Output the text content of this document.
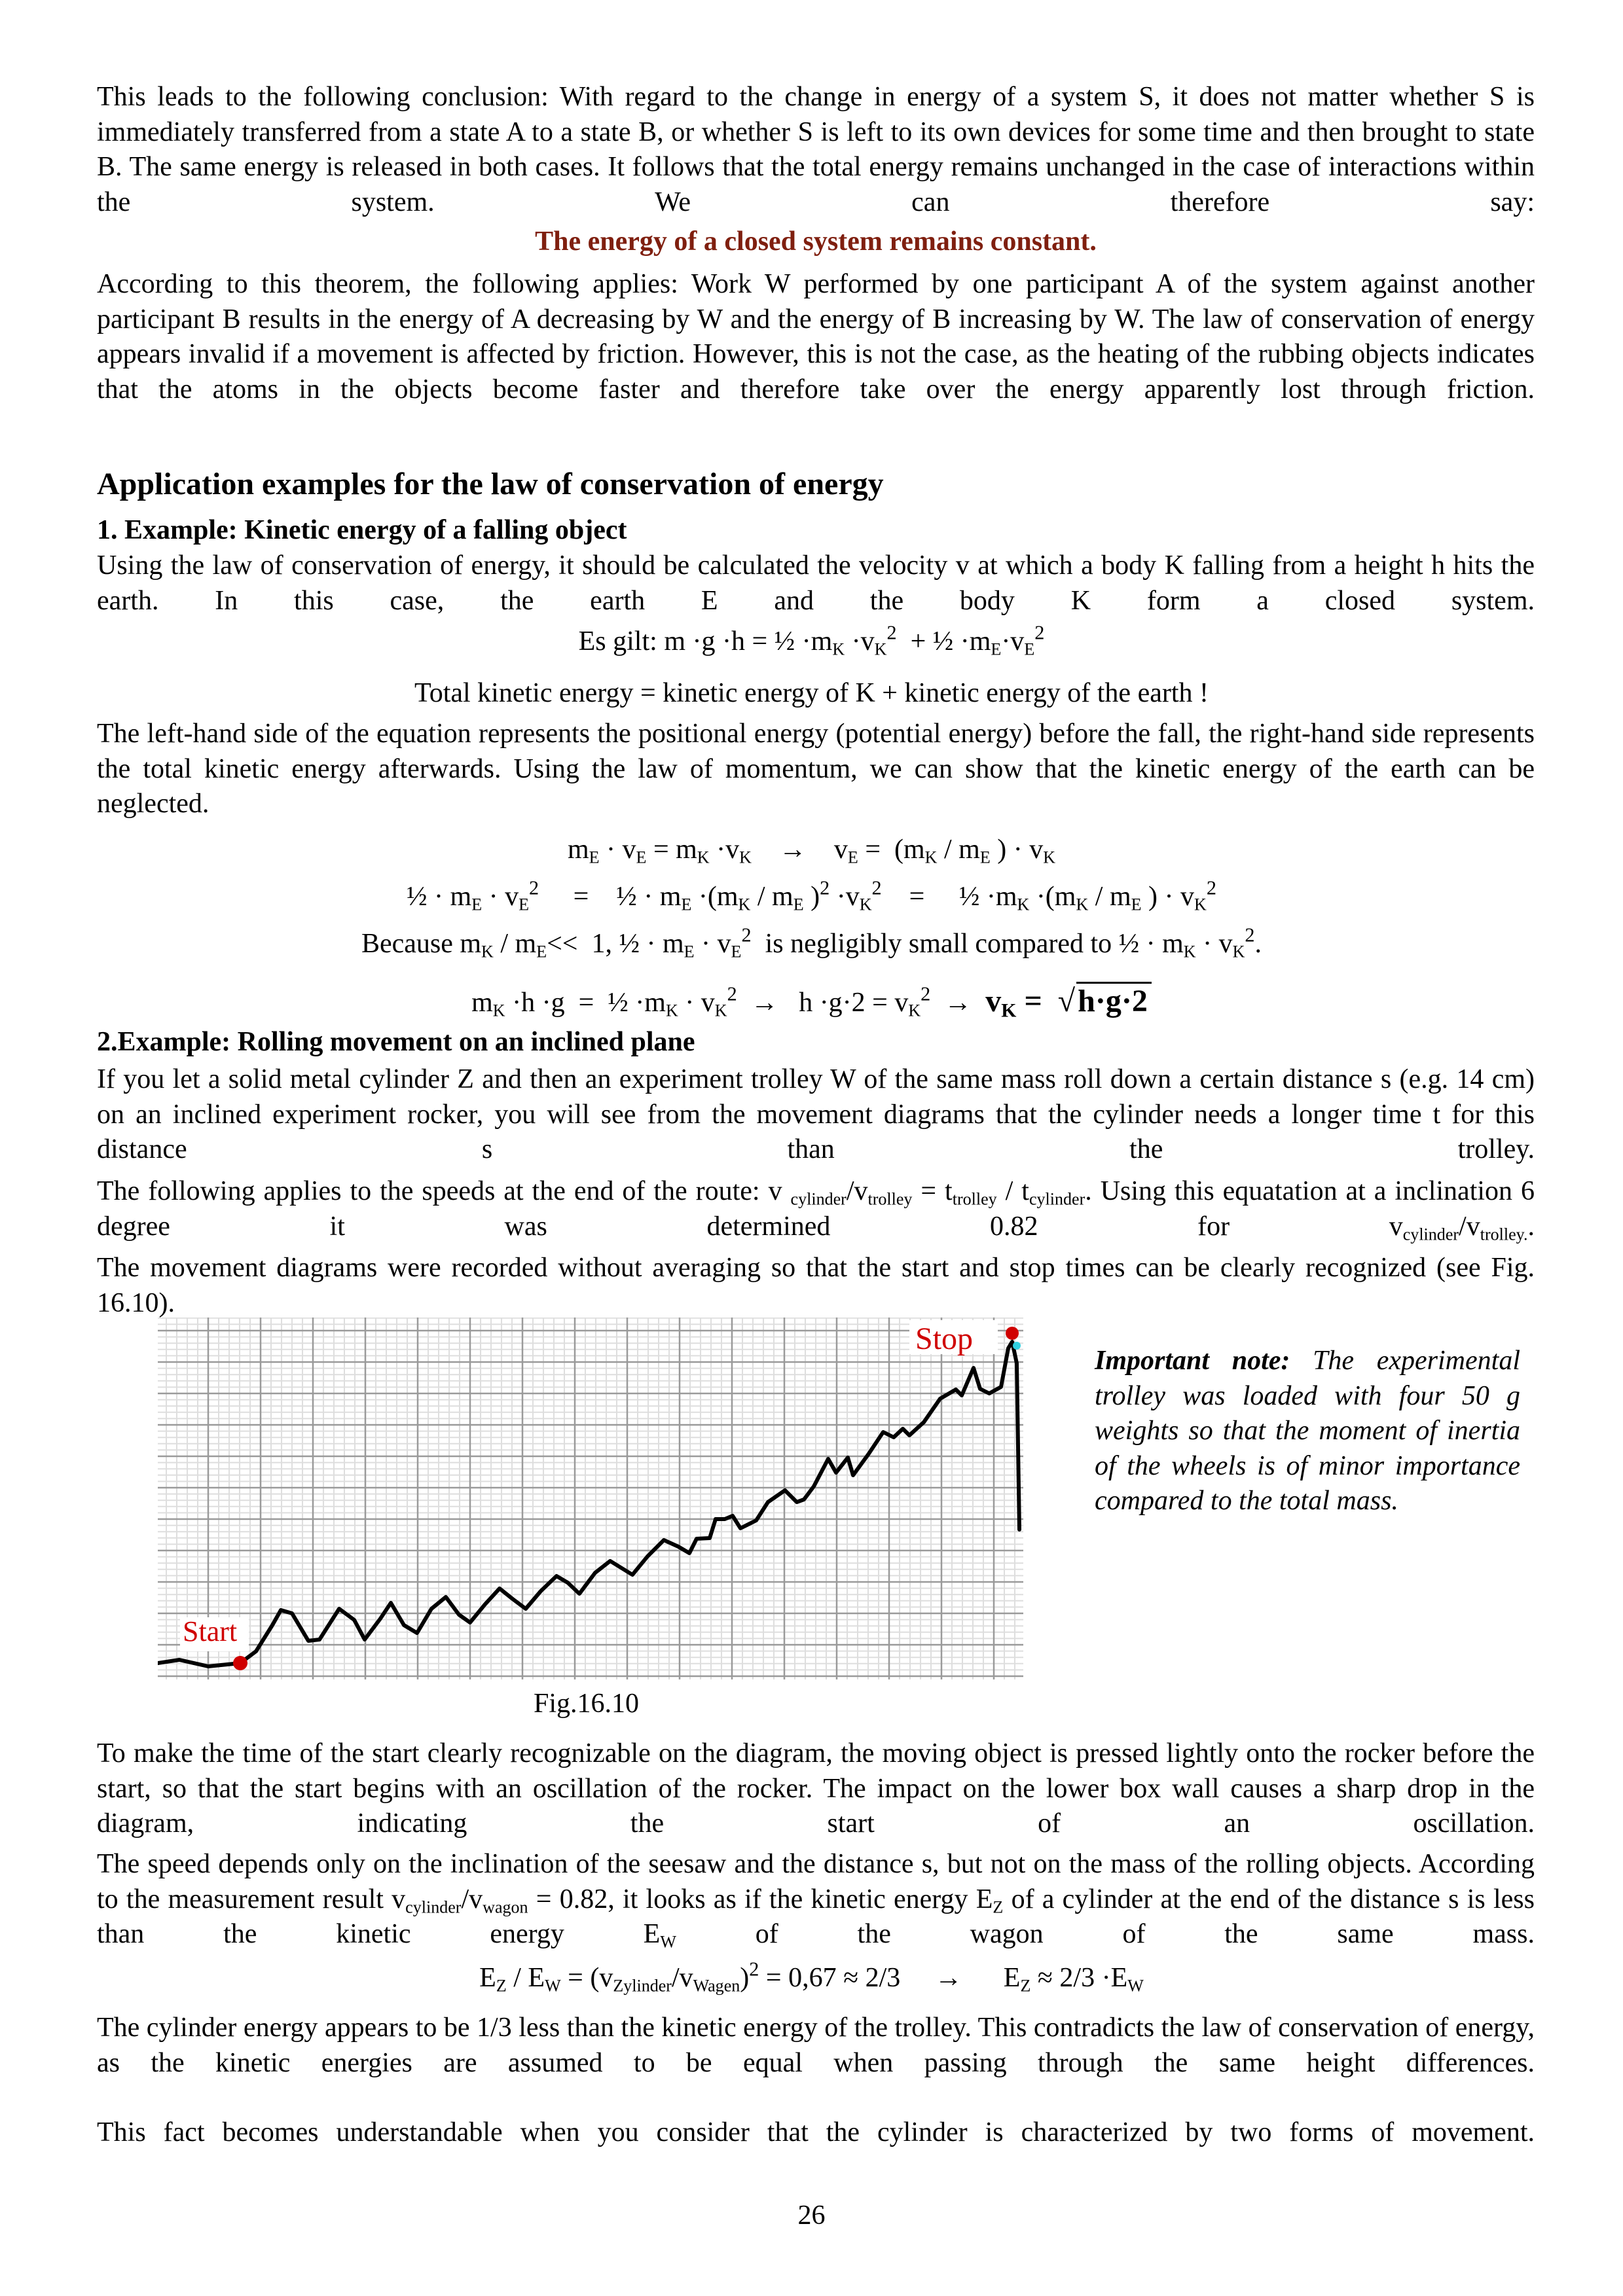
This leads to the following conclusion: With regard to the change in energy of a system S, it does not matter whether S is immediately transferred from a state A to a state B, or whether S is left to its own devices for some time and then brought to state B. The same energy is released in both cases. It follows that the total energy remains unchanged in the case of interactions within the system. We can therefore say:
The energy of a closed system remains constant.
According to this theorem, the following applies: Work W performed by one participant A of the system against another participant B results in the energy of A decreasing by W and the energy of B increasing by W. The law of conservation of energy appears invalid if a movement is affected by friction. However, this is not the case, as the heating of the rubbing objects indicates that the atoms in the objects become faster and therefore take over the energy apparently lost through friction.
Application examples for the law of conservation of energy
1. Example: Kinetic energy of a falling object
Using the law of conservation of energy, it should be calculated the velocity v at which a body K falling from a height h hits the earth. In this case, the earth E and the body K form a closed system.
Es gilt: m ·g ·h = ½ $\cdot m_K \cdot v_K^2$  + ½ $\cdot m_E\cdot v_E^2$
Total kinetic energy = kinetic energy of K + kinetic energy of the earth !
The left-hand side of the equation represents the positional energy (potential energy) before the fall, the right-hand side represents the total kinetic energy afterwards. Using the law of momentum, we can show that the kinetic energy of the earth can be neglected.
$m_E \cdot v_E = m_K \cdot v_K$    →    $v_E = (m_K / m_E$ ) · $v_K$
½ · $m_E \cdot v_E^2$     =    ½ · $m_E \cdot(m_K / m_E$ )$^2 \cdot v_K^2$    =     ½ $\cdot m_K \cdot(m_K / m_E$ ) · $v_K^2$
Because $m_K / m_E<< 1$, ½ · $m_E \cdot v_E^2$  is negligibly small compared to ½ · $m_K \cdot v_K^2$.
$m_K \cdot h \cdot g$  =  ½ $\cdot m_K \cdot v_K^2 \to h \cdot g\cdot 2 = v_K^2 \to v_K = √h\cdot g\cdot 2$
2.Example: Rolling movement on an inclined plane
If you let a solid metal cylinder Z and then an experiment trolley W of the same mass roll down a certain distance s (e.g. 14 cm) on an inclined experiment rocker, you will see from the movement diagrams that the cylinder needs a longer time t for this distance s than the trolley.
The following applies to the speeds at the end of the route: v $_{cylinder}/v_{trolley} = t_{trolley} / t_{cylinder}$. Using this equatation at a inclination 6 degree it was determined 0.82 for $v_{cylinder}/v_{trolley.}$.
The movement diagrams were recorded without averaging so that the start and stop times can be clearly recognized (see Fig. 16.10).
Stop
Start
Important note: The experimental trolley was loaded with four 50 g weights so that the moment of inertia of the wheels is of minor importance compared to the total mass.
Fig.16.10
To make the time of the start clearly recognizable on the diagram, the moving object is pressed lightly onto the rocker before the start, so that the start begins with an oscillation of the rocker. The impact on the lower box wall causes a sharp drop in the diagram, indicating the start of an oscillation.
The speed depends only on the inclination of the seesaw and the distance s, but not on the mass of the rolling objects. According to the measurement result $v_{cylinder}/v_{wagon} = 0.82$, it looks as if the kinetic energy $E_Z$ of a cylinder at the end of the distance s is less than the kinetic energy $E_W$ of the wagon of the same mass.
$E_Z / E_W = (v_{Zylinder}/v_{Wagen})^2 = 0,67 \approx 2/3$     →      $E_Z \approx 2/3 \cdot E_W$
The cylinder energy appears to be 1/3 less than the kinetic energy of the trolley. This contradicts the law of conservation of energy, as the kinetic energies are assumed to be equal when passing through the same height differences.
This fact becomes understandable when you consider that the cylinder is characterized by two forms of movement.
26
